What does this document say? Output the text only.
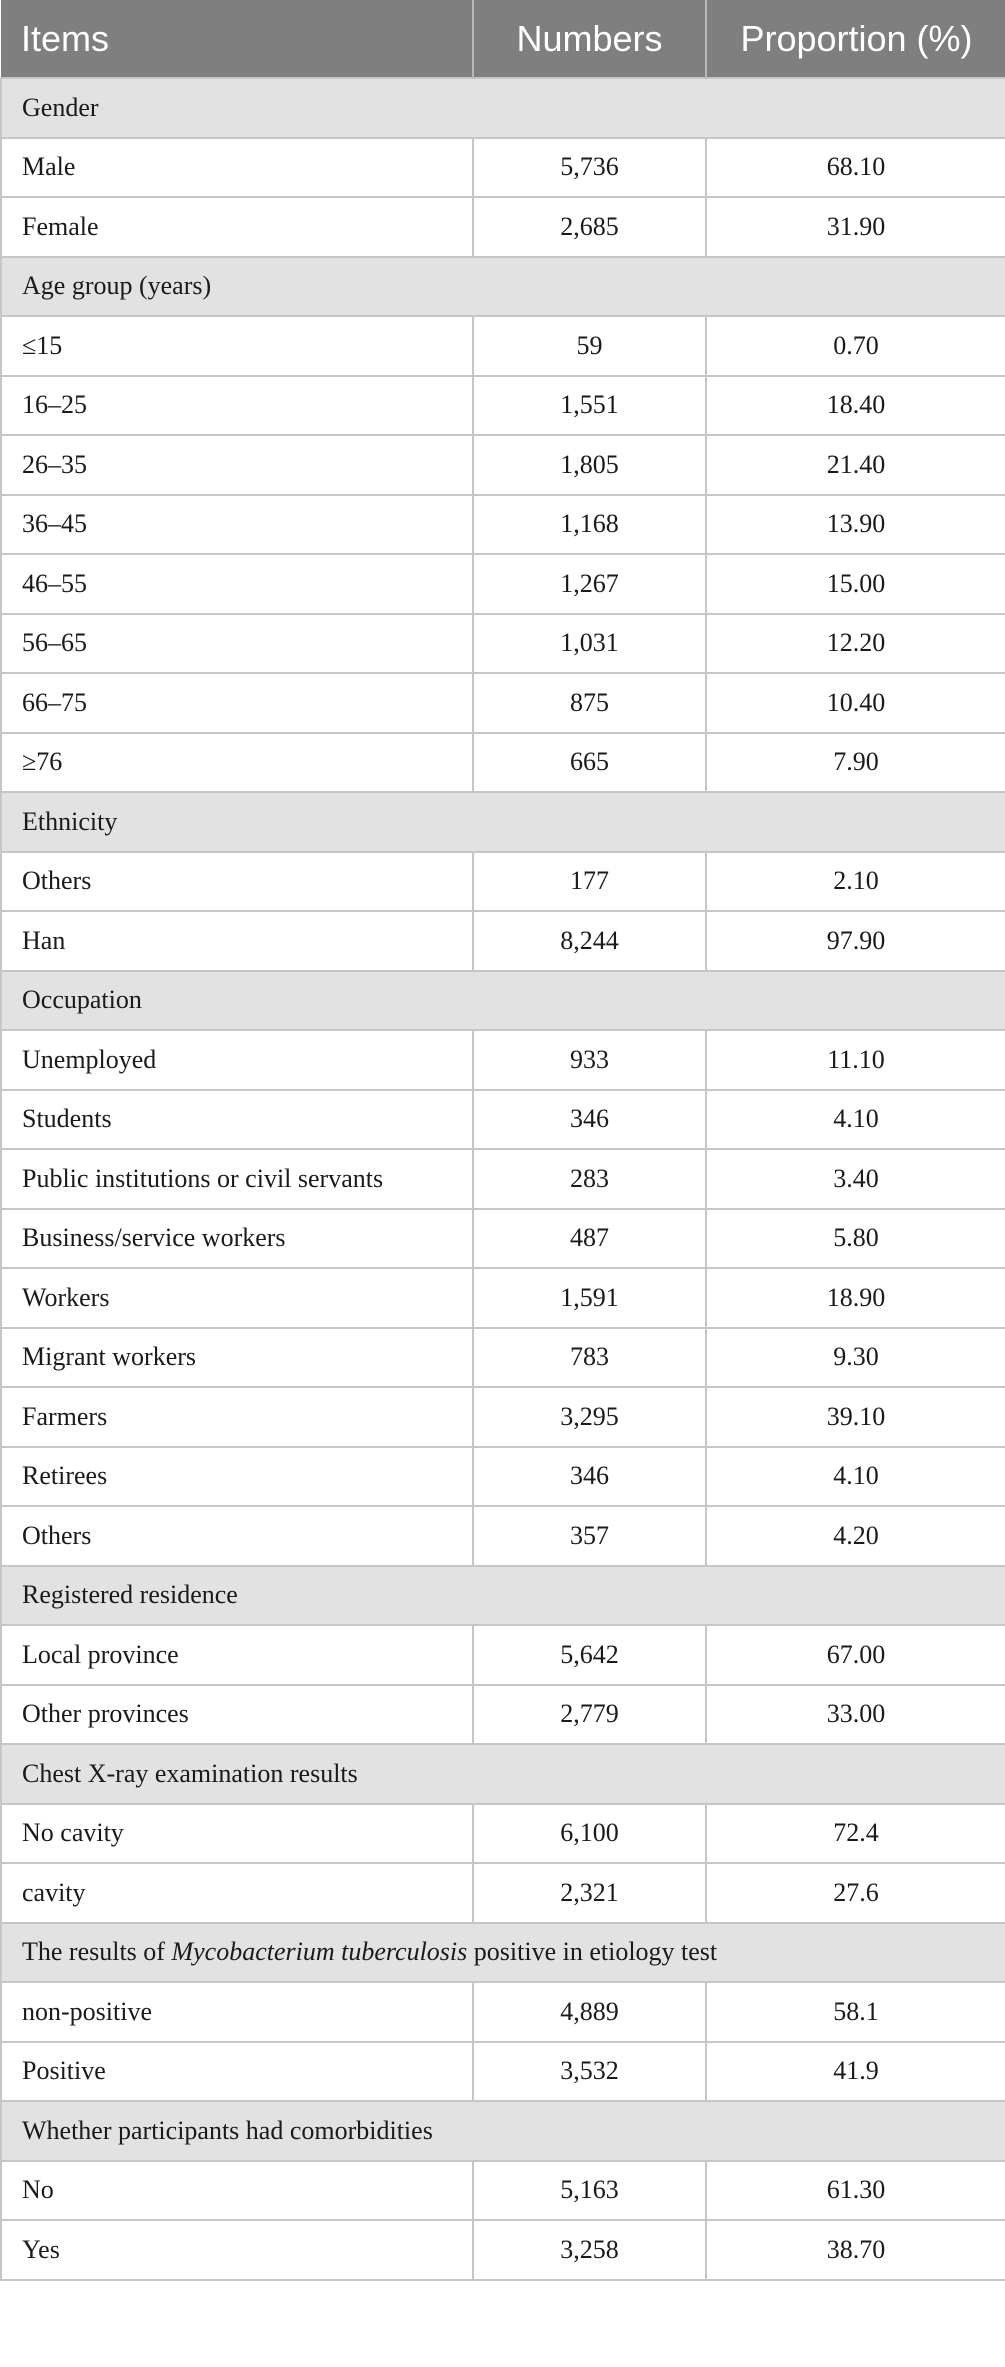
Items	Numbers	Proportion (%)
Gender		
Male	5,736	68.10
Female	2,685	31.90
Age group (years)		
≤15	59	0.70
16–25	1,551	18.40
26–35	1,805	21.40
36–45	1,168	13.90
46–55	1,267	15.00
56–65	1,031	12.20
66–75	875	10.40
≥76	665	7.90
Ethnicity		
Others	177	2.10
Han	8,244	97.90
Occupation		
Unemployed	933	11.10
Students	346	4.10
Public institutions or civil servants	283	3.40
Business/service workers	487	5.80
Workers	1,591	18.90
Migrant workers	783	9.30
Farmers	3,295	39.10
Retirees	346	4.10
Others	357	4.20
Registered residence		
Local province	5,642	67.00
Other provinces	2,779	33.00
Chest X-ray examination results		
No cavity	6,100	72.4
cavity	2,321	27.6
The results of Mycobacterium tuberculosis positive in etiology test		
non-positive	4,889	58.1
Positive	3,532	41.9
Whether participants had comorbidities		
No	5,163	61.30
Yes	3,258	38.70
